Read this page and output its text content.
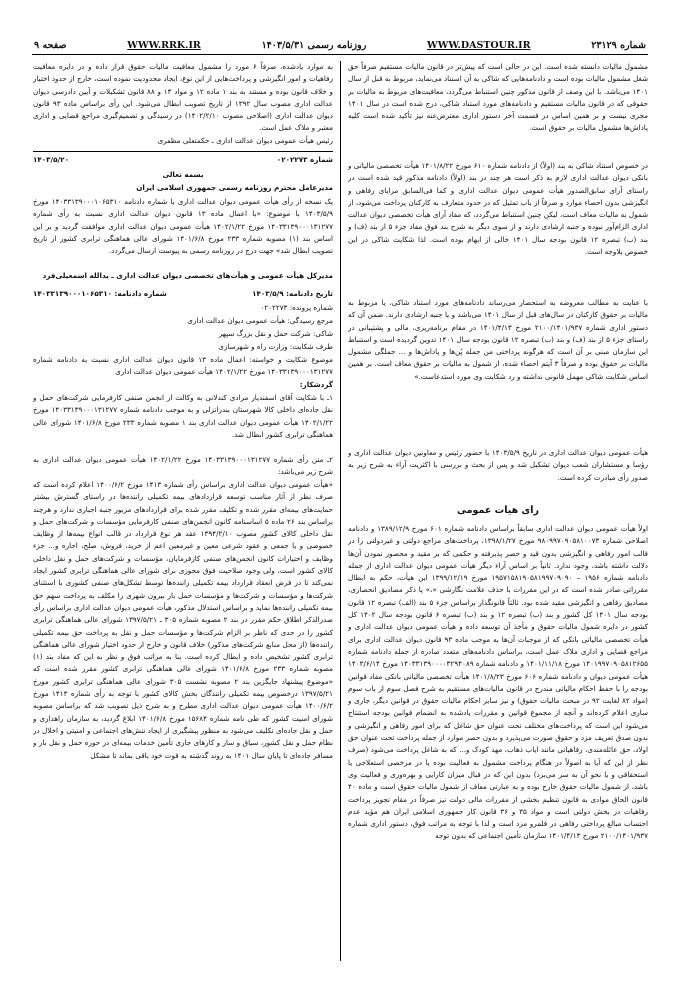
شماره ۲۳۱۲۹
WWW.DASTOUR.IR
روزنامه رسمی ۱۴۰۳/۵/۳۱
WWW.RRK.IR
صفحه ۹

مشمول مالیات دانسته شده است. این در حالی است که پیش‌تر در قانون مالیات مستقیم صرفاً حق شغل مشمول مالیات بوده است و دادنامه‌هایی که شاکی به آن استناد می‌نماید، مربوط به قبل از سال ۱۴۰۱ می‌باشد. با این وصف از قانون مذکور چنین استنباط می‌گردد، معافیت‌های مربوط به مالیات بر حقوقی که در قانون مالیات مستقیم و دادنامه‌های مورد استناد شاکی، درج شده است در سال ۱۴۰۱ مجری نیست و بر همین اساس در قسمت آخر دستور اداری معترض‌عنه نیز تأکید شده است کلیه پاداش‌ها مشمول مالیات بر حقوق است.

در خصوص استناد شاکی به بند (اولاً) از دادنامه شماره ۶۱۰ مورخ ۱۴۰۱/۸/۲۲ هیأت تخصصی مالیاتی و بانکی دیوان عدالت اداری لازم به ذکر است هر چند در بند (اولاً) دادنامه مذکور قید شده است در راستای آرای سابق‌الصدور هیأت عمومی دیوان عدالت اداری و کما فی‌السابق مزایای رفاهی و انگیزشی بدون احصاء موارد و صرفاً از باب تمثیل که در حدود متعارف به کارکنان پرداخت می‌شود، از شمول به مالیات معاف است، لیکن چنین استنباط می‌گردد، که مفاد آرای هیأت تخصصی دیوان عدالت اداری الزام‌آور نبوده و جنبه ارشادی دارند و از سوی دیگر به شرح بند فوق مفاد جزء ۵ از بند (ف) و بند (ب) تبصره ۱۲ قانون بودجه سال ۱۴۰۱ خالی از ابهام بوده است. لذا شکایت شاکی در این خصوص بلاوجه است.

با عنایت به مطالب معروضه به استحضار می‌رساند دادنامه‌های مورد استناد شاکی، یا مربوط به مالیات بر حقوق کارکنان در سال‌های قبل از سال ۱۴۰۱ می‌باشد و یا جنبه ارشادی دارند. ضمن آن که دستور اداری شماره ۲۱۰۰/۱۴۰۱/۹۳۷ مورخ ۱۴۰۱/۴/۱۳ در مقام برنامه‌ریزی، مالی و پشتیبانی در راستای جزء ۵ از بند (ف) و بند (ب) تبصره ۱۲ قانون بودجه سال ۱۴۰۱ تدوین گردیده است و استنباط این سازمان مبنی بر آن است که هرگونه پرداختی من جمله پُن‌ها و پاداش‌ها و ... جملگی مشمول مالیات بر حقوق بوده و صرفاً ۳ آیتم احصاء شده، از شمول به مالیات بر حقوق معاف است. بر همین اساس شکایت شاکی مهمل قانونی نداشته و رد شکایت وی مورد استدعاست.»

هیأت عمومی دیوان عدالت اداری در تاریخ ۱۴۰۳/۵/۹ با حضور رئیس و معاونین دیوان عدالت اداری و رؤسا و مستشاران شعب دیوان تشکیل شد و پس از بحث و بررسی با اکثریت آراء به شرح زیر به صدور رأی مبادرت کرده است.

رأی هیأت عمومی

اولاً هیأت عمومی دیوان عدالت اداری سابقاً براساس دادنامه شماره ۶۰۱ مورخ ۱۳۸۹/۱۲/۹ و دادنامه اصلاحی شماره ۹۸۰۹۹۷۰۹۰۵۸۱۰۰۷۳ مورخ ۱۳۹۸/۱/۲۷، پرداخت‌های مراجع دولتی و غیردولتی را در قالب امور رفاهی و انگیزشی بدون قید و حصر پذیرفته و حکمی که بر مقید و محصور نمودن آن‌ها دلالت داشته باشد، وجود ندارد. ثانیاً بر اساس آراء دیگر هیأت عمومی دیوان عدالت اداری از جمله دادنامه شماره ۱۹۵۶ – ۱۹۵۷۱۵۸۱۹۰۵۸۱۹۹۷۰۹۰۹۰ مورخ ۱۳۹۹/۱۲/۱۹ این هیأت، حکم به ابطال مقرراتی صادر شده است که در این مقررات با حذف علامت نگارشی «،» یا ذکر مصادیق انحصاری، مصادیق رفاهی و انگیزشی مقید شده بود. ثالثاً قانونگذار براساس جزء ۵ بند (الف) تبصره ۱۲ قانون بودجه سال ۱۴۰۱ کل کشور و بند (ب) تبصره ۱۲ و بند (ب) تبصره ۶ قانون بودجه سال ۱۴۰۲ کل کشور در دایره شمول مالیات حقوق و مأخذ آن توسعه داده و هیأت عمومی دیوان عدالت اداری و هیأت تخصصی مالیاتی بانکی که از موجبات آن‌ها به موجب ماده ۹۳ قانون دیوان عدالت اداری برای مراجع قضایی و اداری ملاک عمل است، براساس دادنامه‌های متعدد صادره از جمله دادنامه شماره ۱۴۰۱۹۹۷۰۹۰۵۸۱۲۶۵۵ مورخ ۱۴۰۱/۱۱/۱۸ و دادنامه شماره ۱۴۰۳۳۱۳۹۰۰۰۰۳۲۹۴۰۸۹ مورخ ۱۴۰۳/۶/۱۴ هیأت عمومی دیوان و دادنامه شماره ۶۰۶ مورخ ۱۴۰۱/۸/۲۳ هیأت تخصصی مالیاتی بانکی مفاد قوانین بودجه را با حفظ احکام مالیاتی مندرج در قانون مالیات‌های مستقیم به شرح فصل سوم از باب سوم (مواد ۸۲ لغایت ۹۲ در مبحث مالیات حقوق) و نیز سایر احکام مالیات حقوق در قوانین دیگر، جاری و ساری اعلام کرده‌اند و آنچه از مجموع قوانین و مقررات یادشده به انضمام قوانین بودجه استنتاج می‌شود این است که پرداخت‌های مختلف تحت عنوان حق شاغل که برای امور رفاهی و انگیزشی و بدون صدق تعریف مزد و حقوق صورت می‌پذیرد و بدون حصر موارد از جمله پرداخت تحت عنوان حق اولاد، حق عائله‌مندی، رفاهیاتی مانند ایاب ذهاب، مهد کودک و... که به شاغل پرداخت می‌شود (صرف نظر از این که آیا به اصولاً در هنگام پرداخت مشمول به فعالیت بوده یا در مرخصی استعلاجی یا استحقاقی و یا نحو آن به سر می‌برد) بدون این که در قبال میزان کارایی و بهره‌وری و فعالیت وی باشد، از شمول مالیات حقوق خارج بوده و به عبارتی معاف از شمول مالیات حقوق است و ماده ۴۰ قانون الحاق موادی به قانون تنظیم بخشی از مقررات مالی دولت نیز صرفاً در مقام تجویز پرداخت رفاهیات در بخش دولتی است و مواد ۳۵ و ۳۶ قانون کار جمهوری اسلامی ایران هم مؤید عدم احتساب مبالغ پرداختی رفاهی در قلمرو مزد است و لذا با توجه به مراتب فوق، دستور اداری شماره ۲۱۰۰/۱۴۰۱/۹۳۷ مورخ ۱۴۰۱/۴/۱۳ سازمان تأمین اجتماعی که بدون توجه

به موارد یادشده، صرفاً ۶ مورد را مشمول معافیت مالیات حقوق قرار داده و در دایره معافیت رفاهیات و امور انگیزشی و پرداخت‌هایی از این نوع، ایجاد محدودیت نموده است، خارج از حدود اختیار و خلاف قانون بوده و مستند به بند ۱ ماده ۱۲ و مواد ۱۳ و ۸۸ قانون تشکیلات و آیین دادرسی دیوان عدالت اداری مصوب سال ۱۳۹۲ از تاریخ تصویب ابطال می‌شود. این رأی براساس ماده ۹۳ قانون دیوان عدالت اداری (اصلاحی مصوب ۱۴۰۲/۲/۱۰) در رسیدگی و تصمیم‌گیری مراجع قضایی و اداری معتبر و ملاک عمل است.

رئیس هیأت عمومی دیوان عدالت اداری ـ حکمتعلی مظفری

شماره ۰۲۰۲۲۷۳
۱۴۰۳/۵/۲۰

بسمه تعالی

مدیرعامل محترم روزنامه رسمی جمهوری اسلامی ایران

یک نسخه از رأی هیأت عمومی دیوان عدالت اداری با شماره دادنامه ۱۴۰۳۳۱۳۹۰۰۰۱۰۶۵۳۱۰ مورخ ۱۴۰۳/۵/۹ با موضوع: «با اعمال ماده ۱۳ قانون دیوان عدالت اداری نسبت به رأی شماره ۱۴۰۳۳۱۳۹۰۰۰۱۳۱۲۷۷ مورخ ۱۴۰۲/۱/۲۲ هیأت عمومی دیوان عدالت اداری موافقت گردید و بر این اساس بند (۱) مصوبه شماره ۲۳۳ مورخ ۱۴۰۱/۶/۸ شورای عالی هماهنگی ترابری کشور از تاریخ تصویب ابطال شد» جهت درج در روزنامه رسمی به پیوست ارسال می‌گردد.

مدیرکل هیأت عمومی و هیأت‌های تخصصی دیوان عدالت اداری ـ یدالله اسمعیلی‌فرد

تاریخ دادنامه: ۱۴۰۳/۵/۹
شماره دادنامه: ۱۴۰۳۳۱۳۹۰۰۰۱۰۶۵۳۱۰

شماره پرونده: ۰۲۰۲۲۷۳

مرجع رسیدگی: هیأت عمومی دیوان عدالت اداری

شاکی: شرکت حمل و نقل بزرگ سپهر

طرف شکایت: وزارت راه و شهرسازی

موضوع شکایت و خواسته: اعمال ماده ۱۳ قانون دیوان عدالت اداری نسبت به دادنامه شماره ۱۴۰۳۳۱۳۹۰۰۰۱۳۱۲۷۷ مورخ ۱۴۰۲/۱/۲۲ هیأت عمومی دیوان عدالت اداری

گردشکار:

۱ـ با شکایت آقای اسفندیار مرادی کندلانی به وکالت از انجمن صنفی کارفرمایی شرکت‌های حمل و نقل جاده‌ای داخلی کالا شهرستان بندرانزلی و به موجب دادنامه شماره ۱۴۰۳۳۱۳۹۰۰۰۱۳۱۲۷۷ مورخ ۱۴۰۲/۱/۲۲ هیأت عمومی دیوان عدالت اداری بند ۱ مصوبه شماره ۲۳۳ مورخ ۱۴۰۱/۶/۸ شورای عالی هماهنگی ترابری کشور ابطال شد.

۲ـ متن رأی شماره ۱۴۰۳۳۱۳۹۰۰۰۱۳۱۲۷۷ مورخ ۱۴۰۲/۱/۲۲ هیأت عمومی دیوان عدالت اداری به شرح زیر می‌باشد:

«هیأت عمومی دیوان عدالت اداری براساس رأی شماره ۱۴۱۳ مورخ ۱۴۰۰/۶/۲ اعلام کرده است که صرف نظر از آثار مناسب توسعه قراردادهای بیمه تکمیلی راننده‌ها در راستای گسترش بیشتر حمایت‌های بیمه‌ای مقرر شده و تکلیف مقرر شده برای قراردادهای مزبور جنبه اجباری ندارد و هرچند براساس بند ۲۶ ماده ۵ اساسنامه کانون انجمن‌های صنفی کارفرمایی مؤسسات و شرکت‌های حمل و نقل داخلی کالای کشور مصوب ۱۳۹۴/۲/۱۰ عقد هر نوع قرارداد در قالب انواع بیمه‌ها از وظایف خصوصی و یا جمعی و عقود شرعی معین و غیرمعین اعم از خرید، فروش، صلح، اجاره و... جزء وظایف و اختیارات کانون انجمن‌های صنفی کارفرمایان، مؤسسات و شرکت‌های حمل و نقل داخلی کالای کشور است، ولی وجود صلاحیت فوق مجوزی برای شورای عالی هماهنگی ترابری کشور ایجاد نمی‌کند تا در فرض انعقاد قرارداد بیمه تکمیلی راننده‌ها توسط تشکل‌های صنفی کشوری با استثنای شرکت‌ها و مؤسسات و شرکت‌ها و مؤسسات حمل بار بیرون شهری را مکلف به پرداخت سهم حق بیمه تکمیلی راننده‌ها نماید و براساس استدلال مذکور، هیأت عمومی دیوان عدالت اداری براساس رأی صدرالذکر اطلاق حکم مقرر در بند ۲ مصوبه شماره ۳۰۵ ـ ۱۳۹۷/۵/۲۱ شورای عالی هماهنگی ترابری کشور را در حدی که ناظر بر الزام شرکت‌ها و مؤسسات حمل و نقل به پرداخت حق بیمه تکمیلی راننده‌ها (از محل منابع شرکت‌های مذکور) خلاف قانون و خارج از حدود اختیار شورای عالی هماهنگی ترابری کشور تشخیص داده و ابطال کرده است. بنا به مراتب فوق و نظر به این که مفاد بند (۱) مصوبه شماره ۲۳۳ مورخ ۱۴۰۱/۶/۸ شورای عالی هماهنگی ترابری کشور مقرر شده است که «موضوع پیشنهاد جایگزین بند ۲ مصوبه نشست ۳۰۵ شورای عالی هماهنگی ترابری کشور مورخ ۱۳۹۷/۵/۲۱ درخصوص بیمه تکمیلی رانندگان بخش کالای کشور با توجه به رأی شماره ۱۴۱۳ مورخ ۱۴۰۰/۶/۲ هیأت عمومی دیوان عدالت اداری مطرح و به شرح ذیل تصویب شد که براساس مصوبه شورای امنیت کشور که طی نامه شماره ۱۵۶۸۴ مورخ ۱۴۰۱/۶/۸ ابلاغ گردید، به سازمان راهداری و حمل و نقل جاده‌ای تکلیف می‌شود به منظور پیشگیری از ایجاد تنش‌های اجتماعی و امنیتی و اخلال در نظام حمل و نقل کشور، سیاق و ساز و کارهای جاری تأمین خدمات بیمه‌ای در حوزه حمل و نقل بار و مسافر جاده‌ای تا پایان سال ۱۴۰۱ به روند گذشته به قوت خود باقی بماند تا مشکل
